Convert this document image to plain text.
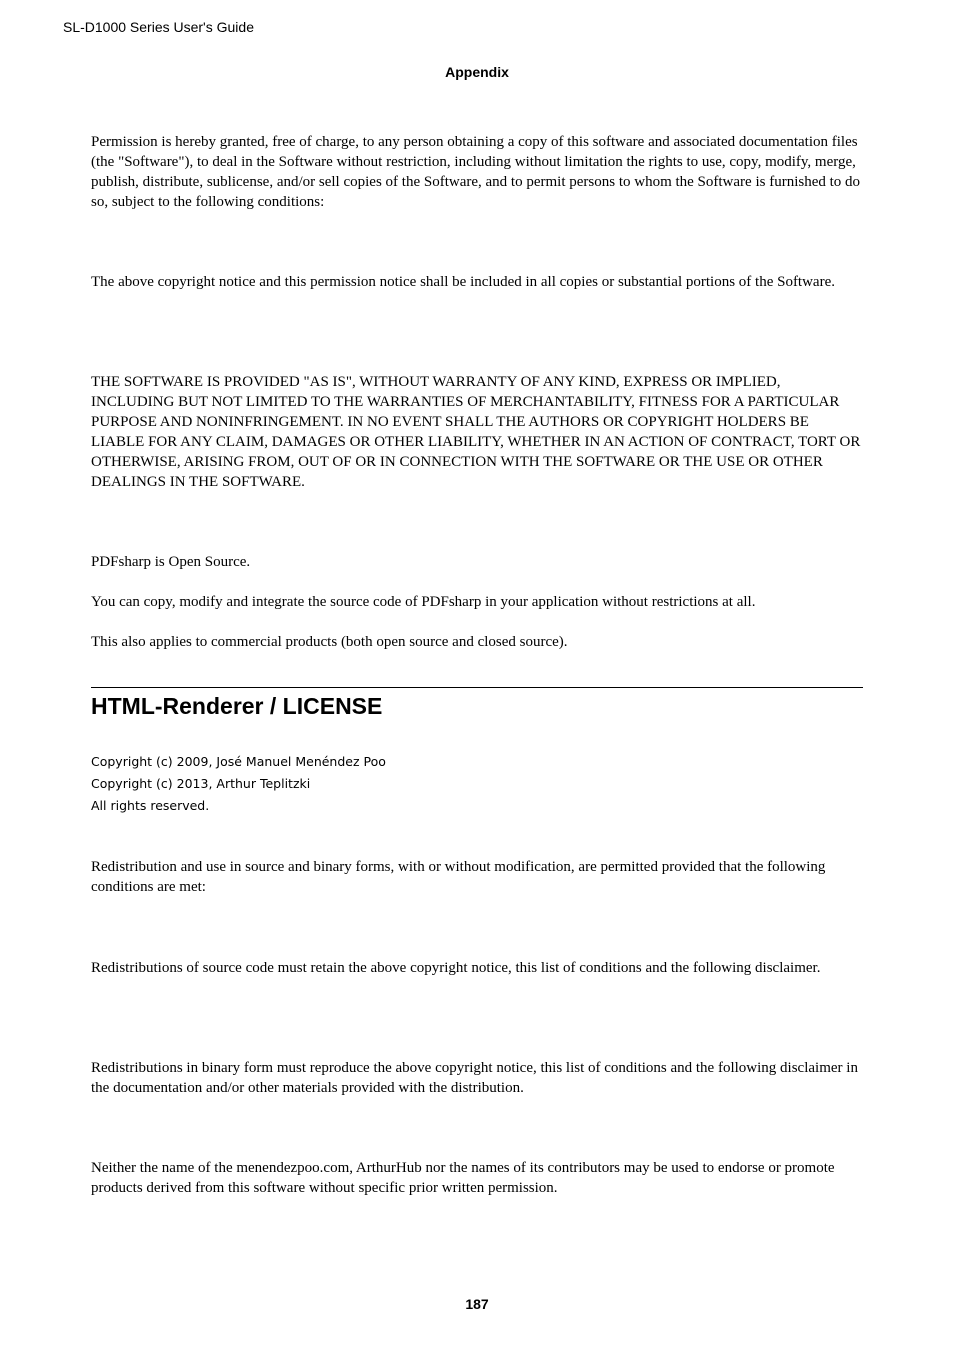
SL-D1000 Series User's Guide
Appendix

Permission is hereby granted, free of charge, to any person obtaining a copy of this software and associated documentation files (the "Software"), to deal in the Software without restriction, including without limitation the rights to use, copy, modify, merge, publish, distribute, sublicense, and/or sell copies of the Software, and to permit persons to whom the Software is furnished to do so, subject to the following conditions:

The above copyright notice and this permission notice shall be included in all copies or substantial portions of the Software.

THE SOFTWARE IS PROVIDED "AS IS", WITHOUT WARRANTY OF ANY KIND, EXPRESS OR IMPLIED, INCLUDING BUT NOT LIMITED TO THE WARRANTIES OF MERCHANTABILITY, FITNESS FOR A PARTICULAR PURPOSE AND NONINFRINGEMENT. IN NO EVENT SHALL THE AUTHORS OR COPYRIGHT HOLDERS BE LIABLE FOR ANY CLAIM, DAMAGES OR OTHER LIABILITY, WHETHER IN AN ACTION OF CONTRACT, TORT OR OTHERWISE, ARISING FROM, OUT OF OR IN CONNECTION WITH THE SOFTWARE OR THE USE OR OTHER DEALINGS IN THE SOFTWARE.

PDFsharp is Open Source.

You can copy, modify and integrate the source code of PDFsharp in your application without restrictions at all.

This also applies to commercial products (both open source and closed source).

HTML-Renderer / LICENSE
Copyright (c) 2009, José Manuel Menéndez Poo
Copyright (c) 2013, Arthur Teplitzki
All rights reserved.

Redistribution and use in source and binary forms, with or without modification, are permitted provided that the following conditions are met:

Redistributions of source code must retain the above copyright notice, this list of conditions and the following disclaimer.

Redistributions in binary form must reproduce the above copyright notice, this list of conditions and the following disclaimer in the documentation and/or other materials provided with the distribution.

Neither the name of the menendezpoo.com, ArthurHub nor the names of its contributors may be used to endorse or promote products derived from this software without specific prior written permission.

187
